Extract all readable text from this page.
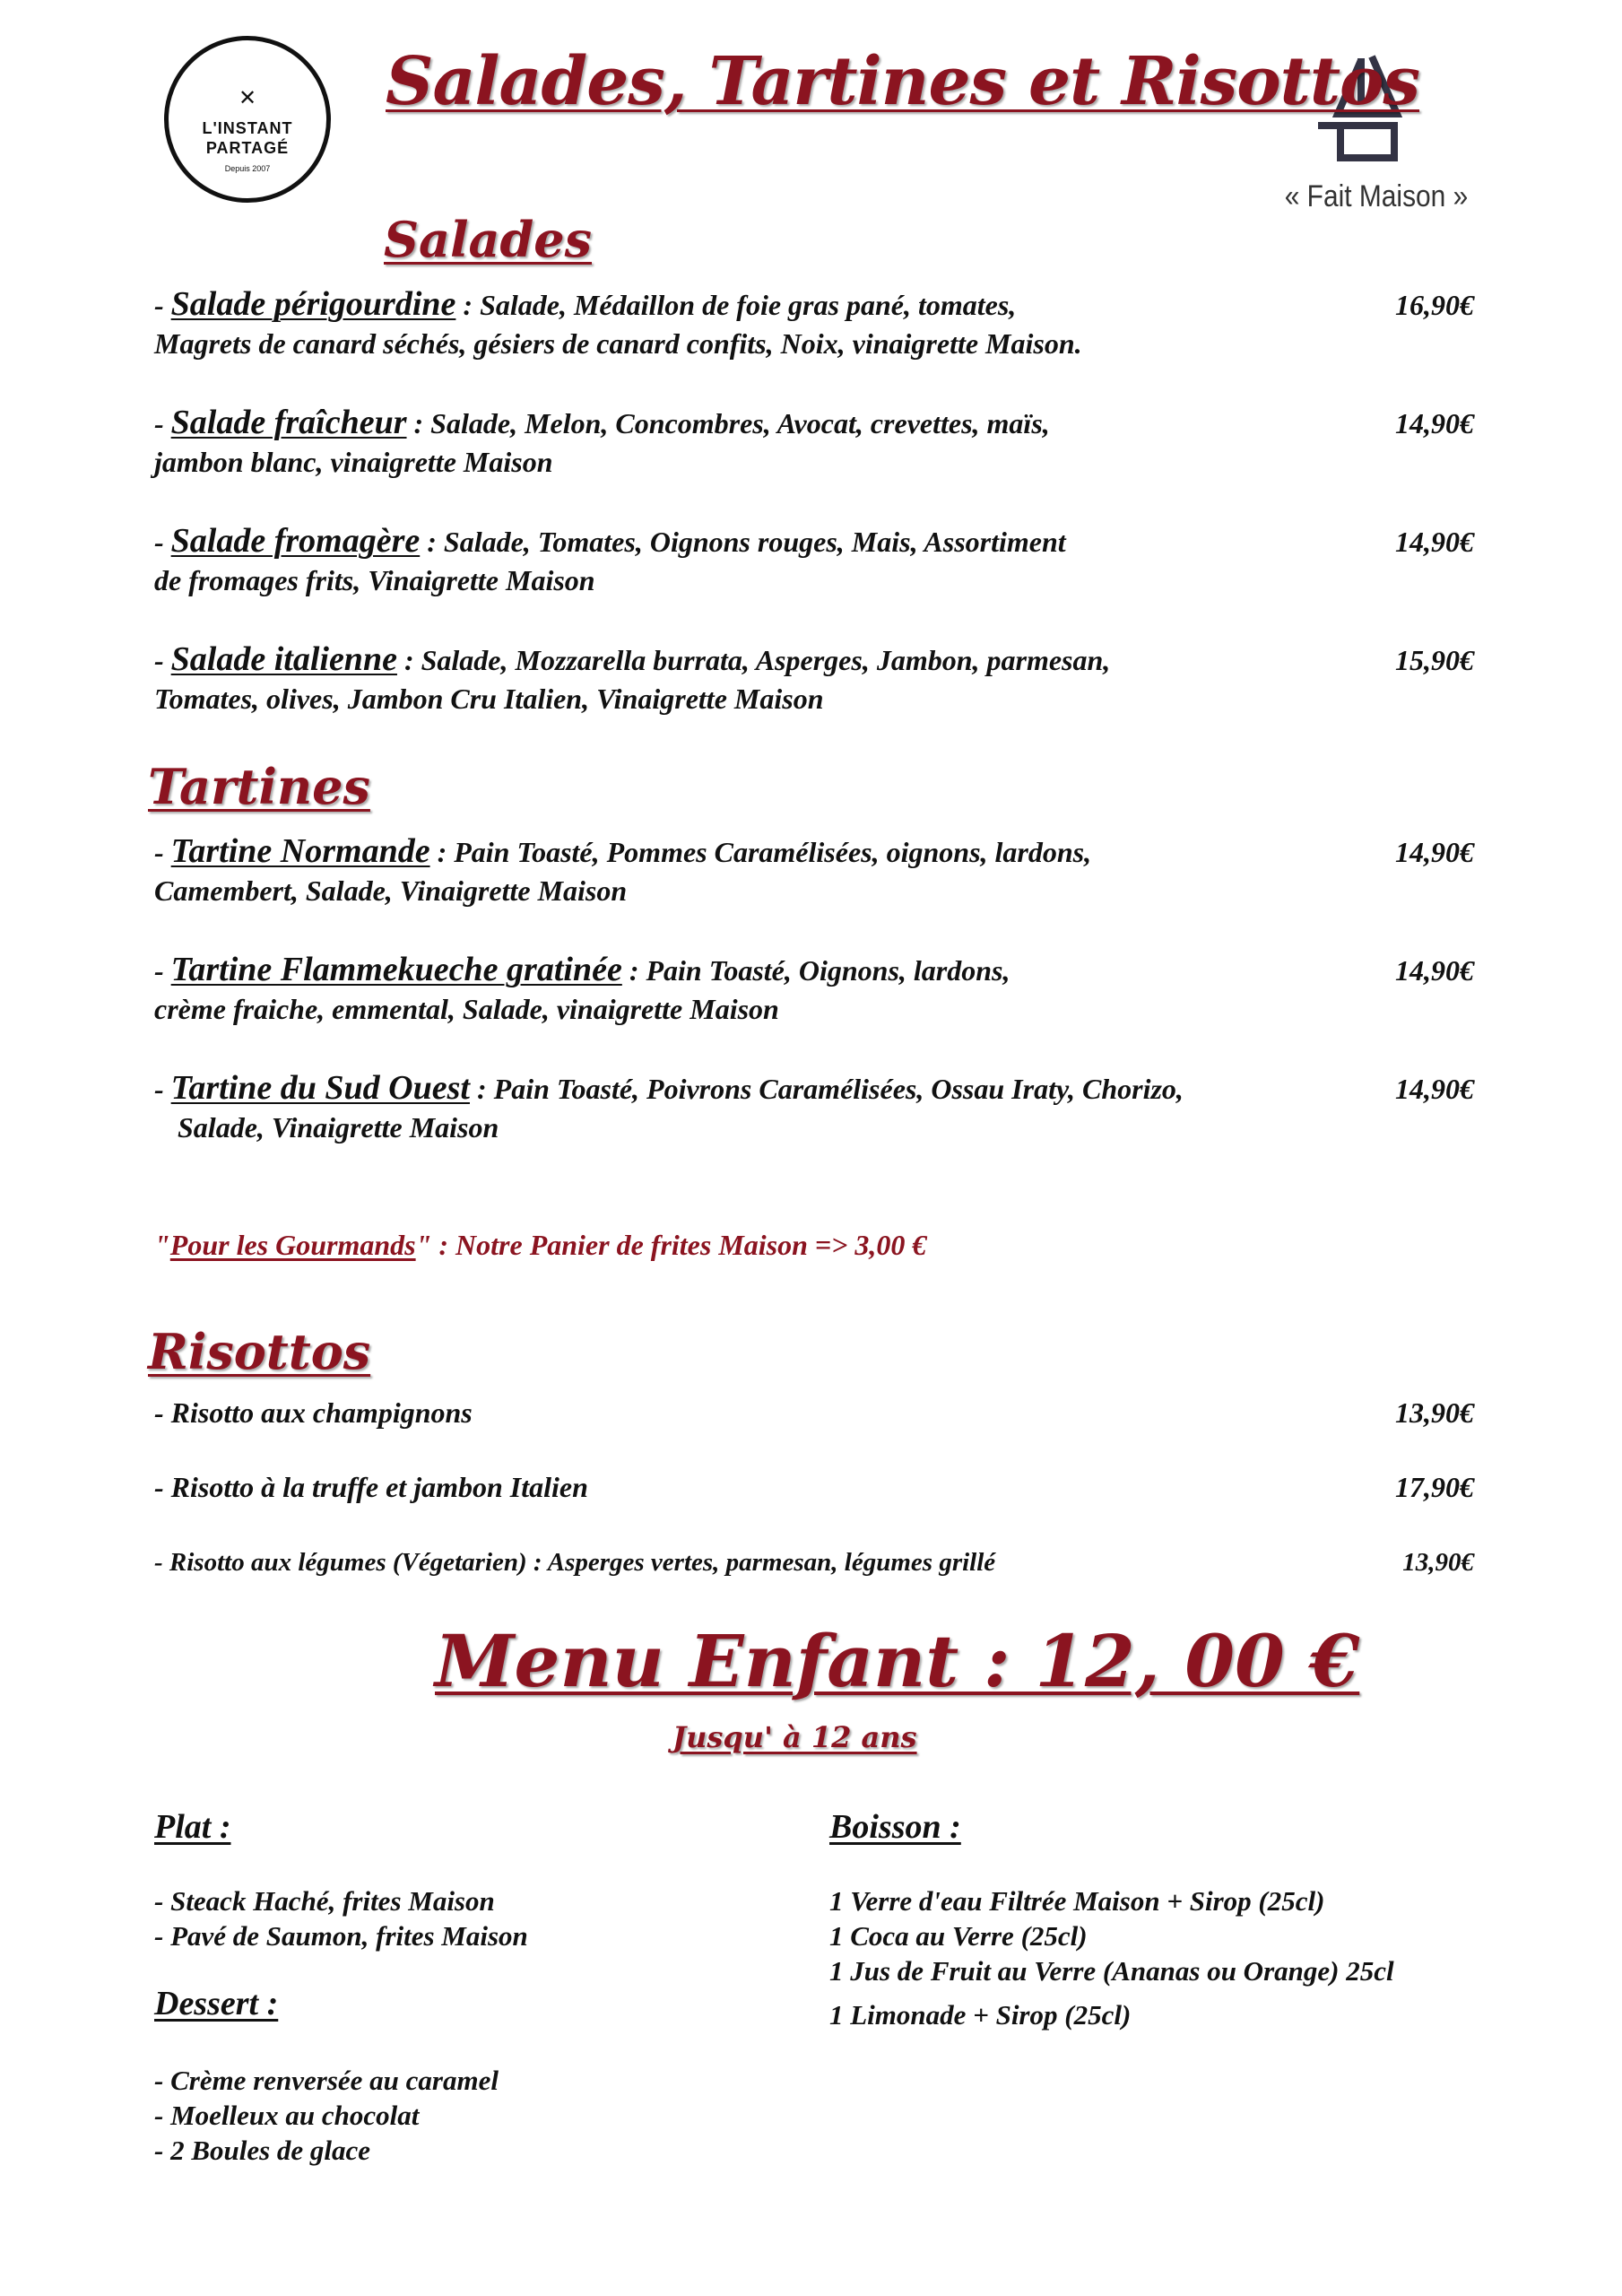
✕
L'INSTANT
PARTAGÉ
Depuis 2007
« Fait Maison »
Salades, Tartines et Risottos
Salades
- Salade périgourdine : Salade, Médaillon de foie gras pané, tomates,
Magrets de canard séchés, gésiers de canard confits, Noix, vinaigrette Maison.
16,90€
- Salade fraîcheur : Salade, Melon, Concombres, Avocat, crevettes, maïs,
jambon blanc, vinaigrette Maison
14,90€
- Salade fromagère : Salade, Tomates, Oignons rouges, Mais, Assortiment
de fromages frits, Vinaigrette Maison
14,90€
- Salade italienne : Salade, Mozzarella burrata, Asperges, Jambon, parmesan,
Tomates, olives, Jambon Cru Italien, Vinaigrette Maison
15,90€
Tartines
- Tartine Normande : Pain Toasté, Pommes Caramélisées, oignons, lardons,
Camembert, Salade, Vinaigrette Maison
14,90€
- Tartine Flammekueche gratinée : Pain Toasté, Oignons, lardons,
crème fraiche, emmental, Salade, vinaigrette Maison
14,90€
- Tartine du Sud Ouest : Pain Toasté, Poivrons Caramélisées, Ossau Iraty, Chorizo,
Salade, Vinaigrette Maison
14,90€
"Pour les Gourmands" : Notre Panier de frites Maison => 3,00 €
Risottos
- Risotto aux champignons	13,90€
- Risotto à la truffe et jambon Italien	17,90€
- Risotto aux légumes (Végetarien) : Asperges vertes, parmesan, légumes grillé	13,90€
Menu Enfant : 12, 00 €
Jusqu' à 12 ans
Plat :
- Steack Haché, frites Maison
- Pavé de Saumon, frites Maison
Dessert :
- Crème renversée au caramel
- Moelleux au chocolat
- 2 Boules de glace
Boisson :
1 Verre d'eau Filtrée Maison + Sirop (25cl)
1 Coca au Verre (25cl)
1 Jus de Fruit au Verre (Ananas ou Orange) 25cl
1 Limonade + Sirop (25cl)
